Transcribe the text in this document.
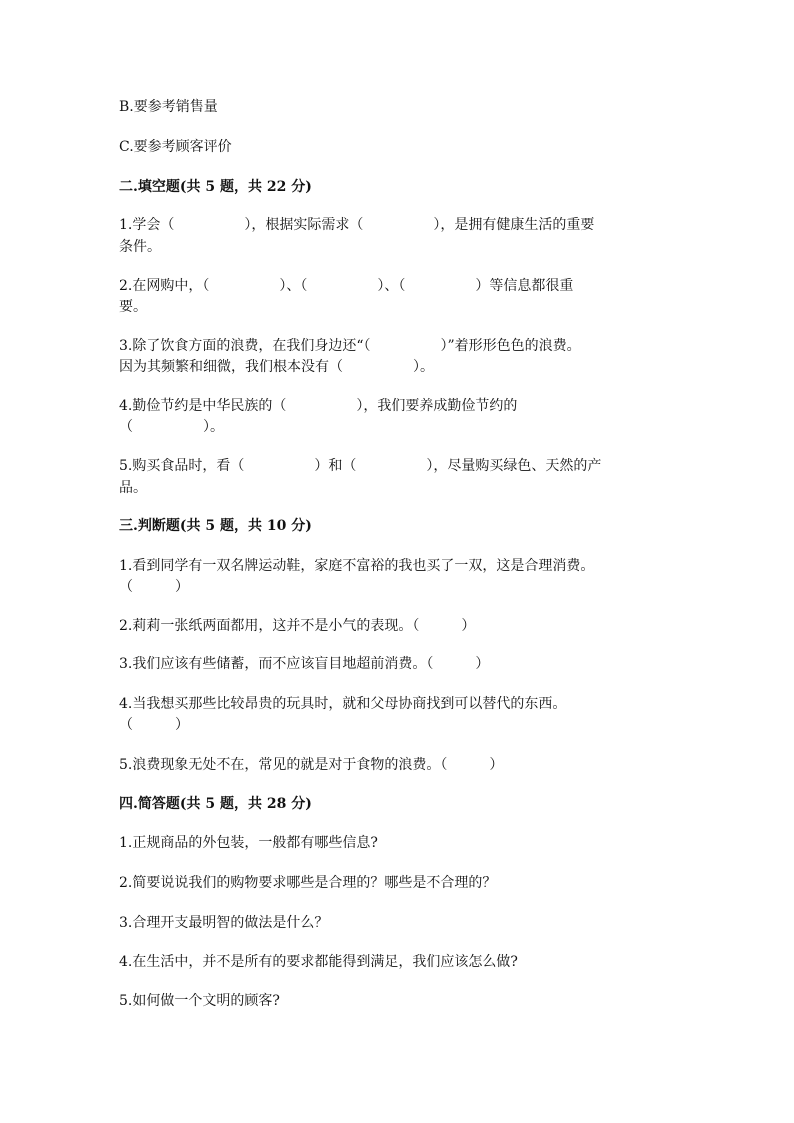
B.要参考销售量
C.要参考顾客评价
二.填空题(共 5 题，共 22 分)
1.学会（　　　　　），根据实际需求（　　　　　），是拥有健康生活的重要
条件。
2.在网购中，（　　　　　）、（　　　　　）、（　　　　　）等信息都很重
要。
3.除了饮食方面的浪费，在我们身边还“（　　　　　）”着形形色色的浪费。
因为其频繁和细微，我们根本没有（　　　　　）。
4.勤俭节约是中华民族的（　　　　　），我们要养成勤俭节约的
（　　　　　）。
5.购买食品时，看（　　　　　）和（　　　　　），尽量购买绿色、天然的产
品。
三.判断题(共 5 题，共 10 分)
1.看到同学有一双名牌运动鞋，家庭不富裕的我也买了一双，这是合理消费。
（　　　）
2.莉莉一张纸两面都用，这并不是小气的表现。（　　　）
3.我们应该有些储蓄，而不应该盲目地超前消费。（　　　）
4.当我想买那些比较昂贵的玩具时，就和父母协商找到可以替代的东西。
（　　　）
5.浪费现象无处不在，常见的就是对于食物的浪费。（　　　）
四.简答题(共 5 题，共 28 分)
1.正规商品的外包装，一般都有哪些信息?
2.简要说说我们的购物要求哪些是合理的？哪些是不合理的？
3.合理开支最明智的做法是什么？
4.在生活中，并不是所有的要求都能得到满足，我们应该怎么做?
5.如何做一个文明的顾客?
